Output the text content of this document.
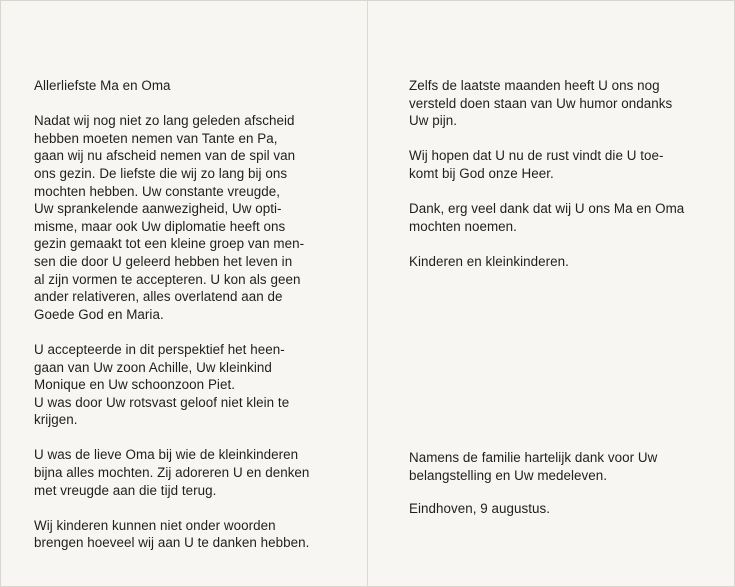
Allerliefste Ma en Oma

Nadat wij nog niet zo lang geleden afscheid
hebben moeten nemen van Tante en Pa,
gaan wij nu afscheid nemen van de spil van
ons gezin. De liefste die wij zo lang bij ons
mochten hebben. Uw constante vreugde,
Uw sprankelende aanwezigheid, Uw opti-
misme, maar ook Uw diplomatie heeft ons
gezin gemaakt tot een kleine groep van men-
sen die door U geleerd hebben het leven in
al zijn vormen te accepteren. U kon als geen
ander relativeren, alles overlatend aan de
Goede God en Maria.

U accepteerde in dit perspektief het heen-
gaan van Uw zoon Achille, Uw kleinkind
Monique en Uw schoonzoon Piet.
U was door Uw rotsvast geloof niet klein te
krijgen.

U was de lieve Oma bij wie de kleinkinderen
bijna alles mochten. Zij adoreren U en denken
met vreugde aan die tijd terug.

Wij kinderen kunnen niet onder woorden
brengen hoeveel wij aan U te danken hebben.

Zelfs de laatste maanden heeft U ons nog
versteld doen staan van Uw humor ondanks
Uw pijn.

Wij hopen dat U nu de rust vindt die U toe-
komt bij God onze Heer.

Dank, erg veel dank dat wij U ons Ma en Oma
mochten noemen.

Kinderen en kleinkinderen.

Namens de familie hartelijk dank voor Uw
belangstelling en Uw medeleven.

Eindhoven, 9 augustus.
